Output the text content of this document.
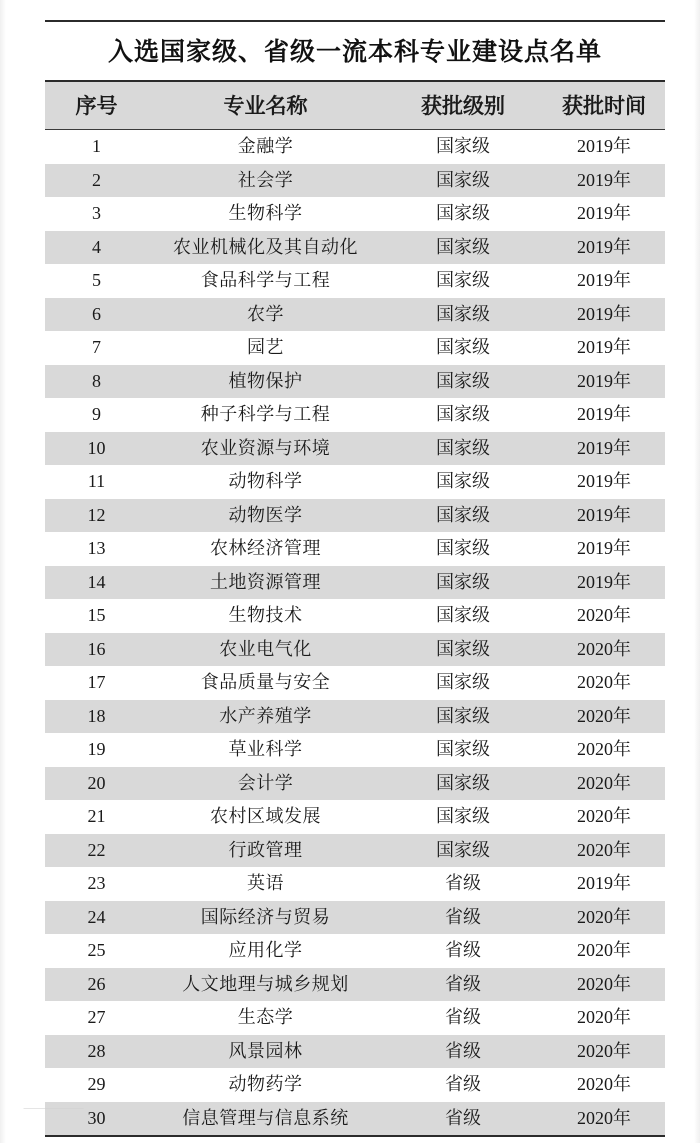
入选国家级、省级一流本科专业建设点名单
序号	专业名称	获批级别	获批时间
1	金融学	国家级	2019年
2	社会学	国家级	2019年
3	生物科学	国家级	2019年
4	农业机械化及其自动化	国家级	2019年
5	食品科学与工程	国家级	2019年
6	农学	国家级	2019年
7	园艺	国家级	2019年
8	植物保护	国家级	2019年
9	种子科学与工程	国家级	2019年
10	农业资源与环境	国家级	2019年
11	动物科学	国家级	2019年
12	动物医学	国家级	2019年
13	农林经济管理	国家级	2019年
14	土地资源管理	国家级	2019年
15	生物技术	国家级	2020年
16	农业电气化	国家级	2020年
17	食品质量与安全	国家级	2020年
18	水产养殖学	国家级	2020年
19	草业科学	国家级	2020年
20	会计学	国家级	2020年
21	农村区域发展	国家级	2020年
22	行政管理	国家级	2020年
23	英语	省级	2019年
24	国际经济与贸易	省级	2020年
25	应用化学	省级	2020年
26	人文地理与城乡规划	省级	2020年
27	生态学	省级	2020年
28	风景园林	省级	2020年
29	动物药学	省级	2020年
30	信息管理与信息系统	省级	2020年
